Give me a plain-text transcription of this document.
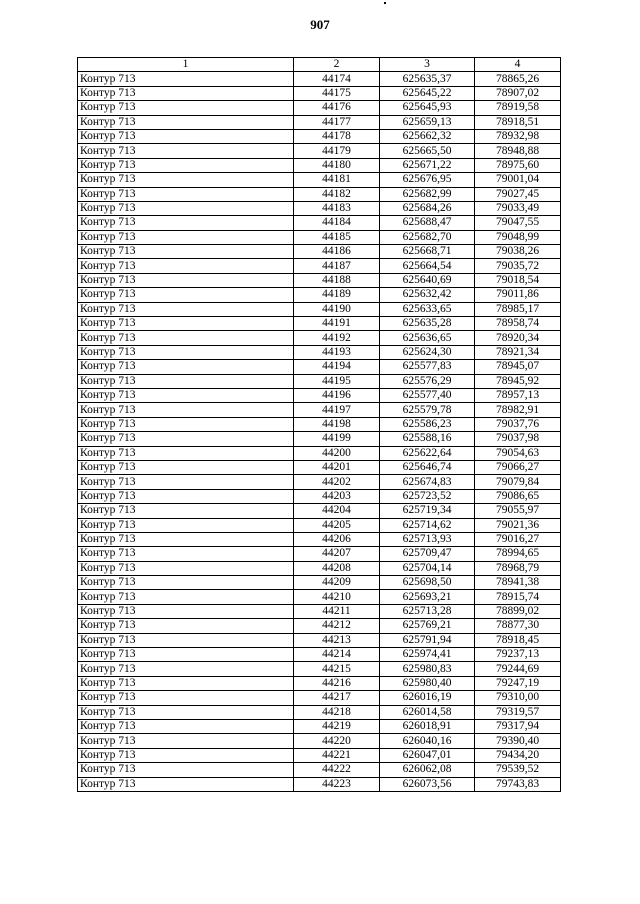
907
1	2	3	4
Контур 713	44174	625635,37	78865,26
Контур 713	44175	625645,22	78907,02
Контур 713	44176	625645,93	78919,58
Контур 713	44177	625659,13	78918,51
Контур 713	44178	625662,32	78932,98
Контур 713	44179	625665,50	78948,88
Контур 713	44180	625671,22	78975,60
Контур 713	44181	625676,95	79001,04
Контур 713	44182	625682,99	79027,45
Контур 713	44183	625684,26	79033,49
Контур 713	44184	625688,47	79047,55
Контур 713	44185	625682,70	79048,99
Контур 713	44186	625668,71	79038,26
Контур 713	44187	625664,54	79035,72
Контур 713	44188	625640,69	79018,54
Контур 713	44189	625632,42	79011,86
Контур 713	44190	625633,65	78985,17
Контур 713	44191	625635,28	78958,74
Контур 713	44192	625636,65	78920,34
Контур 713	44193	625624,30	78921,34
Контур 713	44194	625577,83	78945,07
Контур 713	44195	625576,29	78945,92
Контур 713	44196	625577,40	78957,13
Контур 713	44197	625579,78	78982,91
Контур 713	44198	625586,23	79037,76
Контур 713	44199	625588,16	79037,98
Контур 713	44200	625622,64	79054,63
Контур 713	44201	625646,74	79066,27
Контур 713	44202	625674,83	79079,84
Контур 713	44203	625723,52	79086,65
Контур 713	44204	625719,34	79055,97
Контур 713	44205	625714,62	79021,36
Контур 713	44206	625713,93	79016,27
Контур 713	44207	625709,47	78994,65
Контур 713	44208	625704,14	78968,79
Контур 713	44209	625698,50	78941,38
Контур 713	44210	625693,21	78915,74
Контур 713	44211	625713,28	78899,02
Контур 713	44212	625769,21	78877,30
Контур 713	44213	625791,94	78918,45
Контур 713	44214	625974,41	79237,13
Контур 713	44215	625980,83	79244,69
Контур 713	44216	625980,40	79247,19
Контур 713	44217	626016,19	79310,00
Контур 713	44218	626014,58	79319,57
Контур 713	44219	626018,91	79317,94
Контур 713	44220	626040,16	79390,40
Контур 713	44221	626047,01	79434,20
Контур 713	44222	626062,08	79539,52
Контур 713	44223	626073,56	79743,83
